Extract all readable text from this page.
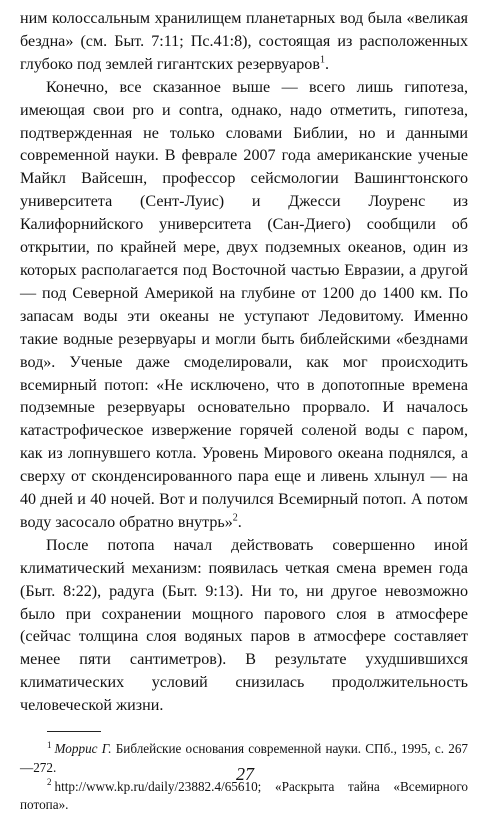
ним колоссальным хранилищем планетарных вод была «великая бездна» (см. Быт. 7:11; Пс.41:8), состоящая из расположенных глубоко под землей гигантских резервуаров$^1$.

Конечно, все сказанное выше — всего лишь гипотеза, имеющая свои pro и contra, однако, надо отметить, гипотеза, подтвержденная не только словами Библии, но и данными современной науки. В феврале 2007 года американские ученые Майкл Вайсешн, профессор сейсмологии Вашингтонского университета (Сент-Луис) и Джесси Лоуренс из Калифорнийского университета (Сан-Диего) сообщили об открытии, по крайней мере, двух подземных океанов, один из которых располагается под Восточной частью Евразии, а другой — под Северной Америкой на глубине от 1200 до 1400 км. По запасам воды эти океаны не уступают Ледовитому. Именно такие водные резервуары и могли быть библейскими «безднами вод». Ученые даже смоделировали, как мог происходить всемирный потоп: «Не исключено, что в допотопные времена подземные резервуары основательно прорвало. И началось катастрофическое извержение горячей соленой воды с паром, как из лопнувшего котла. Уровень Мирового океана поднялся, а сверху от сконденсированного пара еще и ливень хлынул — на 40 дней и 40 ночей. Вот и получился Всемирный потоп. А потом воду засосало обратно внутрь»$^2$.

После потопа начал действовать совершенно иной климатический механизм: появилась четкая смена времен года (Быт. 8:22), радуга (Быт. 9:13). Ни то, ни другое невозможно было при сохранении мощного парового слоя в атмосфере (сейчас толщина слоя водяных паров в атмосфере составляет менее пяти сантиметров). В результате ухудшившихся климатических условий снизилась продолжительность человеческой жизни.

$^1$ Моррис Г. Библейские основания современной науки. СПб., 1995, с. 267—272.

$^2$ http://www.kp.ru/daily/23882.4/65610; «Раскрыта тайна «Всемирного потопа».

27
